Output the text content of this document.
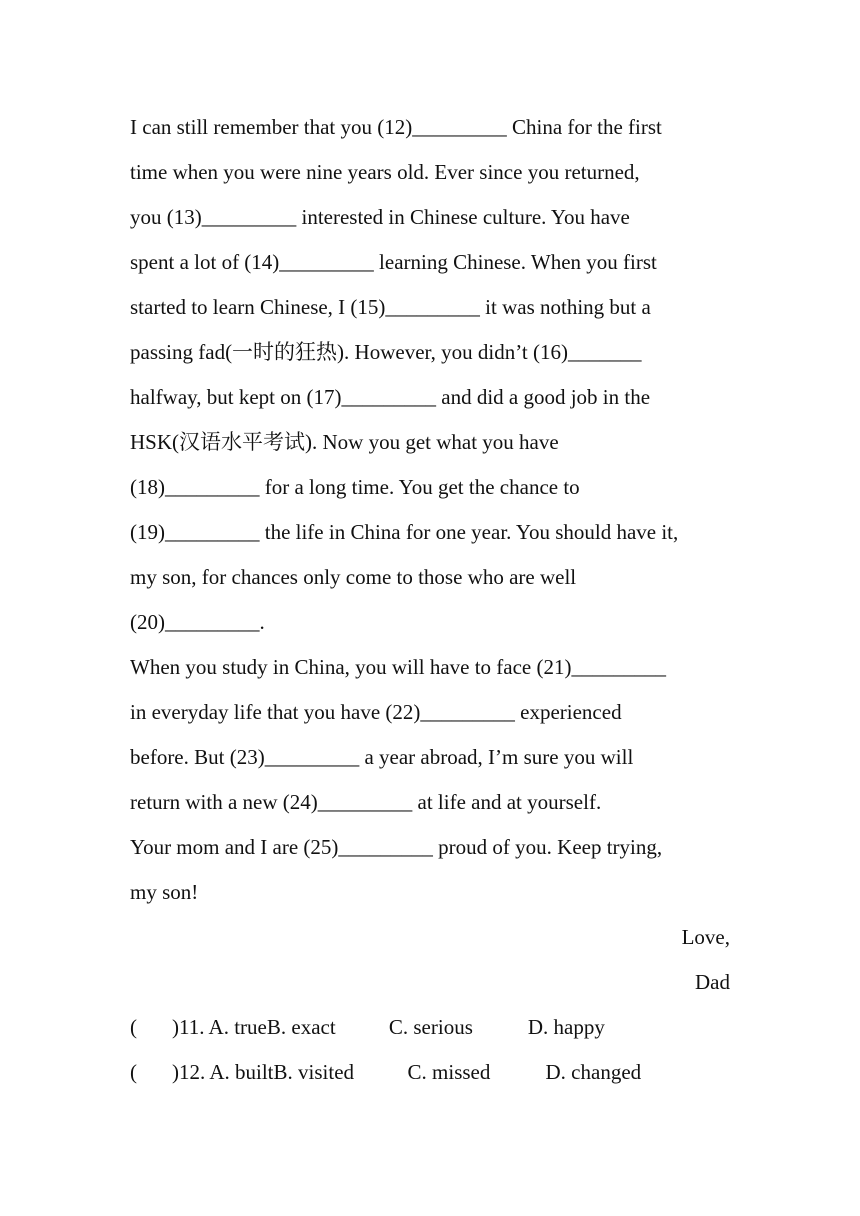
I can still remember that you (12)_________ China for the first
time when you were nine years old. Ever since you returned,
you (13)_________ interested in Chinese culture. You have
spent a lot of (14)_________ learning Chinese. When you first
started to learn Chinese, I (15)_________ it was nothing but a
passing fad(一时的狂热). However, you didn’t (16)_______
halfway, but kept on (17)_________ and did a good job in the
HSK(汉语水平考试). Now you get what you have
(18)_________ for a long time. You get the chance to
(19)_________ the life in China for one year. You should have it,
my son, for chances only come to those who are well
(20)_________.
When you study in China, you will have to face (21)_________
in everyday life that you have (22)_________ experienced
before. But (23)_________ a year abroad, I’m sure you will
return with a new (24)_________ at life and at yourself.
Your mom and I are (25)_________ proud of you. Keep trying,
my son!
Love,
Dad
( )11. A. trueB. exact	C. serious	D. happy
( )12. A. builtB. visited	C. missed	D. changed
